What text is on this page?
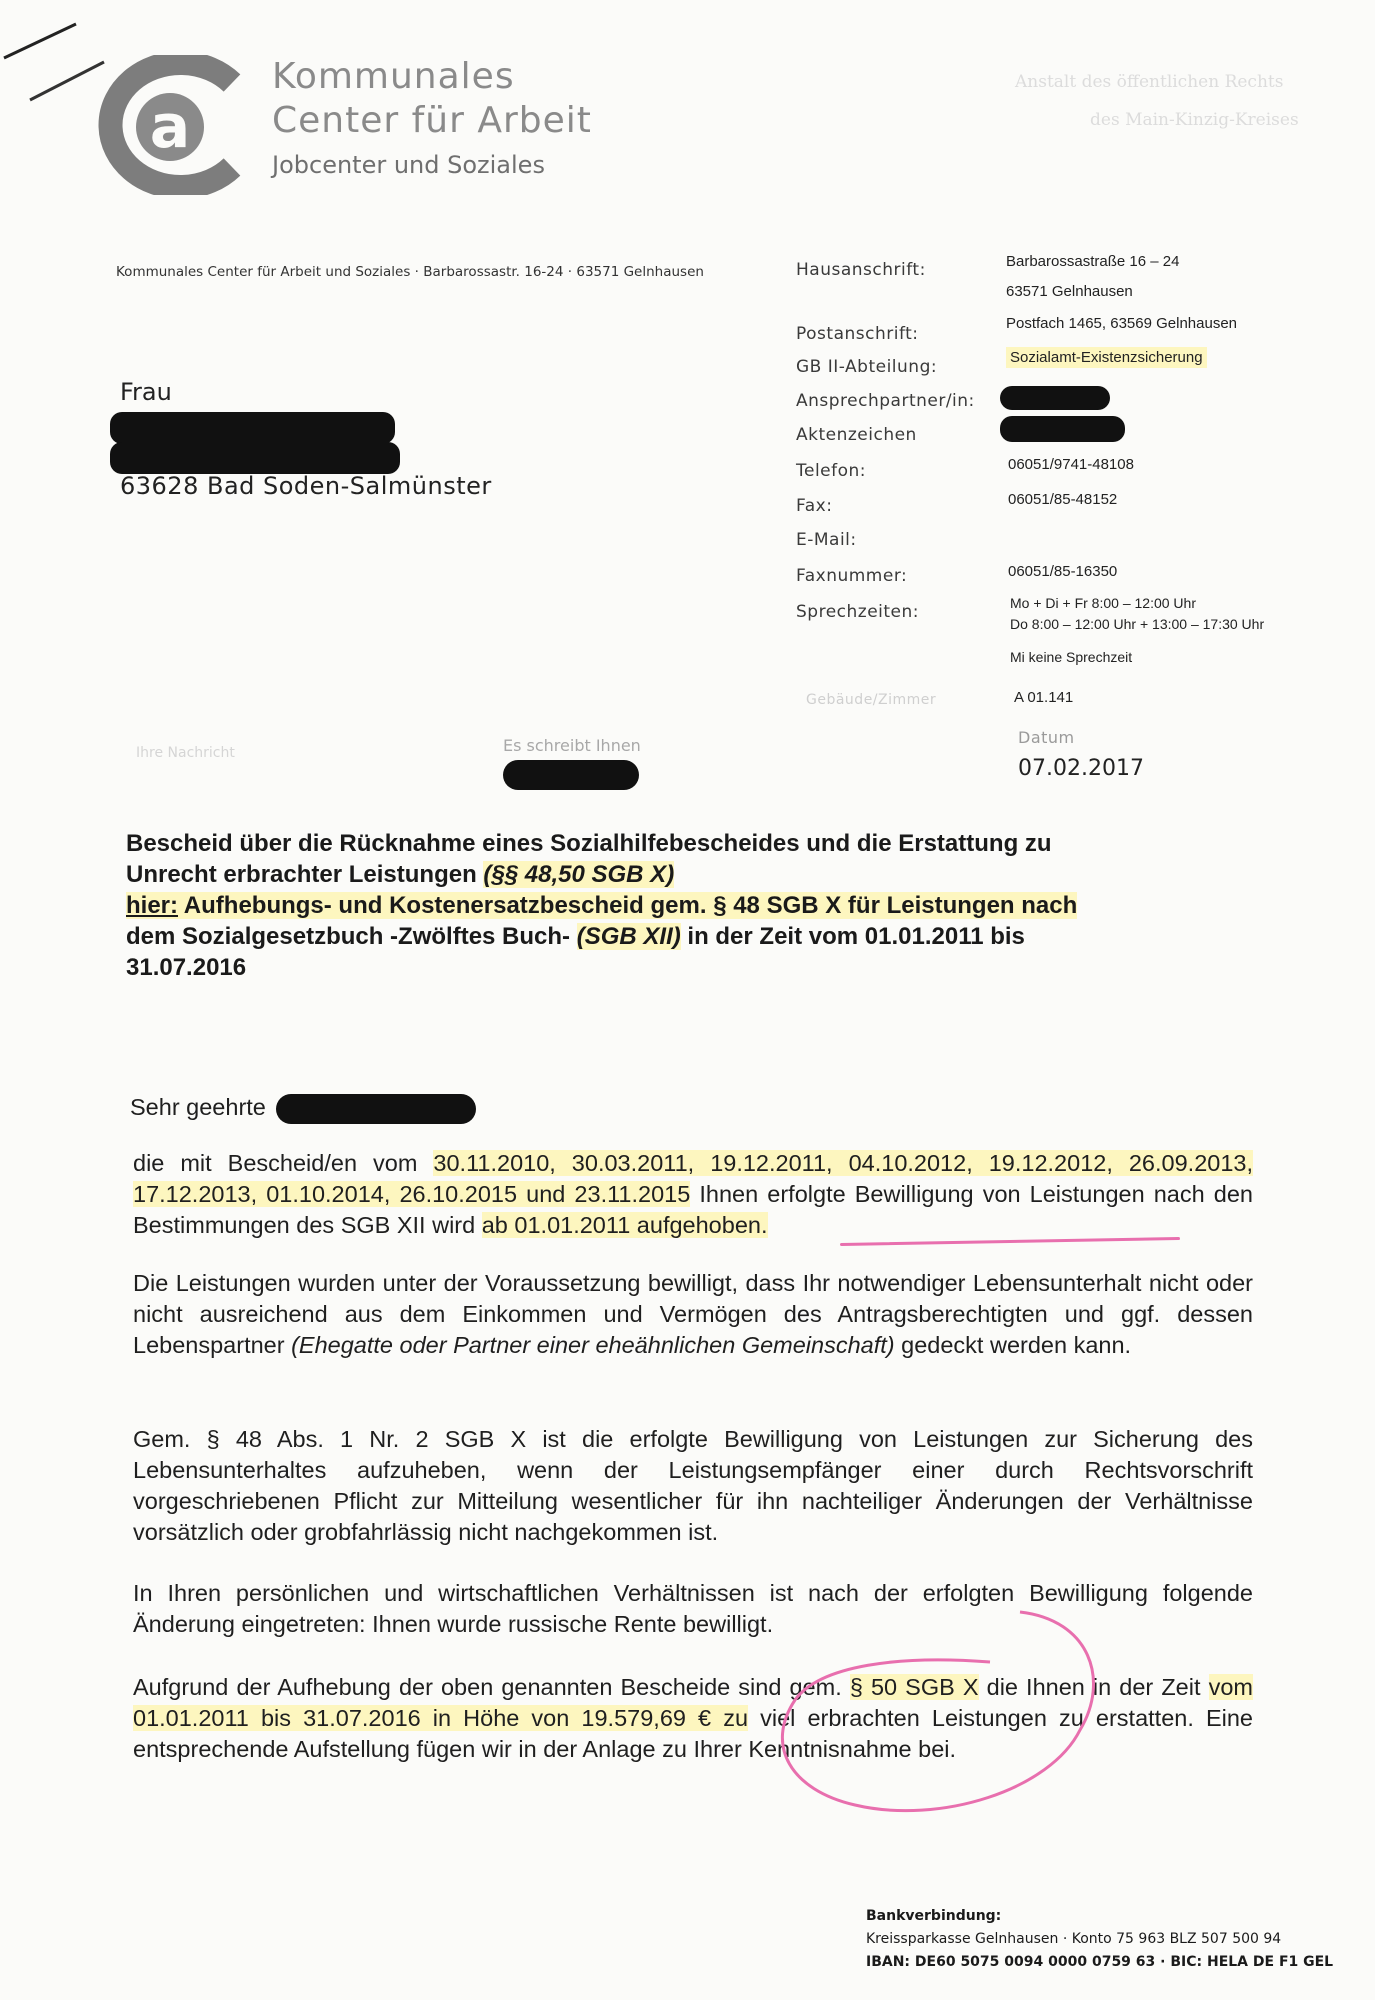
a
Kommunales
Center für Arbeit
Jobcenter und Soziales
Anstalt des öffentlichen Rechts
des Main-Kinzig-Kreises
Kommunales Center für Arbeit und Soziales · Barbarossastr. 16-24 · 63571 Gelnhausen
Frau
63628 Bad Soden-Salmünster
Hausanschrift:	Barbarossastraße 16 – 24
63571 Gelnhausen
Postanschrift:
Postfach 1465, 63569 Gelnhausen
GB II-Abteilung:	Sozialamt-Existenzsicherung
Ansprechpartner/in:
Aktenzeichen
Telefon:	06051/9741-48108
Fax:	06051/85-48152
E-Mail:
Faxnummer:	06051/85-16350
Sprechzeiten:	Mo + Di + Fr 8:00 – 12:00 Uhr
Do 8:00 – 12:00 Uhr + 13:00 – 17:30 Uhr
Mi keine Sprechzeit
Gebäude/Zimmer	A 01.141
Datum
07.02.2017
Ihre Nachricht	Es schreibt Ihnen
Bescheid über die Rücknahme eines Sozialhilfebescheides und die Erstattung zu
Unrecht erbrachter Leistungen (§§ 48,50 SGB X)
hier: Aufhebungs- und Kostenersatzbescheid gem. § 48 SGB X für Leistungen nach
dem Sozialgesetzbuch -Zwölftes Buch- (SGB XII) in der Zeit vom 01.01.2011 bis
31.07.2016
Sehr geehrte
die mit Bescheid/en vom 30.11.2010, 30.03.2011, 19.12.2011, 04.10.2012, 19.12.2012, 26.09.2013, 17.12.2013, 01.10.2014, 26.10.2015 und 23.11.2015 Ihnen erfolgte Bewilligung von Leistungen nach den Bestimmungen des SGB XII wird ab 01.01.2011 aufgehoben.
Die Leistungen wurden unter der Voraussetzung bewilligt, dass Ihr notwendiger Lebensunterhalt nicht oder nicht ausreichend aus dem Einkommen und Vermögen des Antragsberechtigten und ggf. dessen Lebenspartner (Ehegatte oder Partner einer eheähnlichen Gemeinschaft) gedeckt werden kann.
Gem. § 48 Abs. 1 Nr. 2 SGB X ist die erfolgte Bewilligung von Leistungen zur Sicherung des Lebensunterhaltes aufzuheben, wenn der Leistungsempfänger einer durch Rechtsvorschrift vorgeschriebenen Pflicht zur Mitteilung wesentlicher für ihn nachteiliger Änderungen der Verhältnisse vorsätzlich oder grobfahrlässig nicht nachgekommen ist.
In Ihren persönlichen und wirtschaftlichen Verhältnissen ist nach der erfolgten Bewilligung folgende Änderung eingetreten: Ihnen wurde russische Rente bewilligt.
Aufgrund der Aufhebung der oben genannten Bescheide sind gem. § 50 SGB X die Ihnen in der Zeit vom 01.01.2011 bis 31.07.2016 in Höhe von 19.579,69 € zu viel erbrachten Leistungen zu erstatten. Eine entsprechende Aufstellung fügen wir in der Anlage zu Ihrer Kenntnisnahme bei.
Bankverbindung:
Kreissparkasse Gelnhausen · Konto 75 963 BLZ 507 500 94
IBAN: DE60 5075 0094 0000 0759 63 · BIC: HELA DE F1 GEL
